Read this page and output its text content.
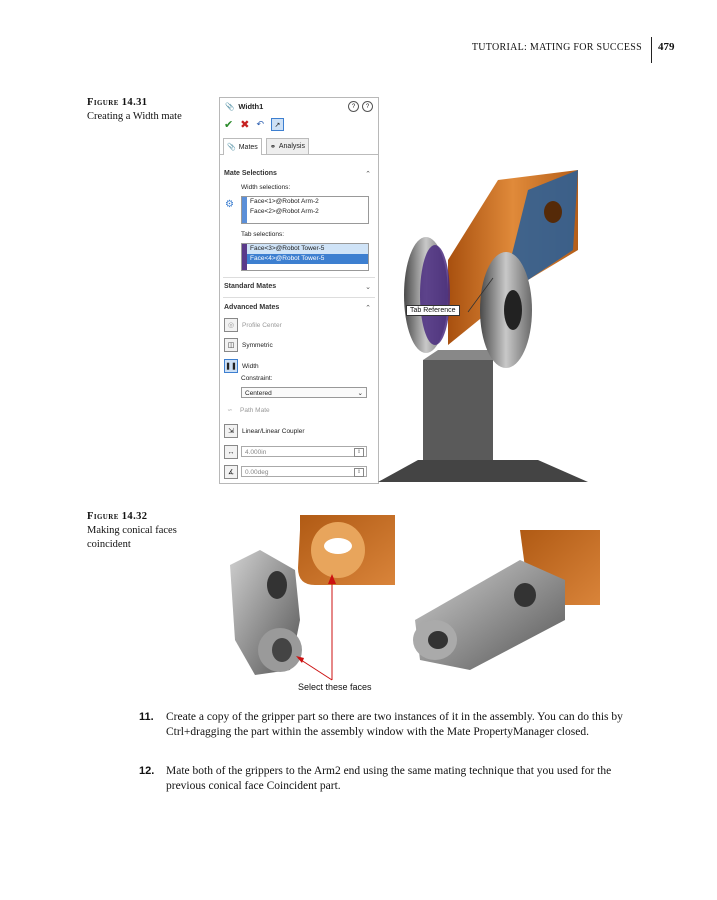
TUTORIAL: MATING FOR SUCCESS 479
Figure 14.31
Creating a Width mate
📎 Width1	?	?
✔ ✖ ↶	↗
📎 Mates ⚭ Analysis
Mate Selections	⌃
Width selections:
⚙	Face<1>@Robot Arm-2
Face<2>@Robot Arm-2
Tab selections:
Face<3>@Robot Tower-5
Face<4>@Robot Tower-5
Standard Mates	⌄
Advanced Mates	⌃
◎	Profile Center
◫	Symmetric
❚❚ Width
Constraint:
Centered	⌄
∽	Path Mate
⇲	Linear/Linear Coupler
↔	4.000in	⇕
∡	0.00deg	⇕
Tab Reference
Figure 14.32
Making conical faces coincident
Select these faces
11. Create a copy of the gripper part so there are two instances of it in the assembly. You can do this by Ctrl+dragging the part within the assembly window with the Mate PropertyManager closed.
12. Mate both of the grippers to the Arm2 end using the same mating technique that you used for the previous conical face Coincident part.
